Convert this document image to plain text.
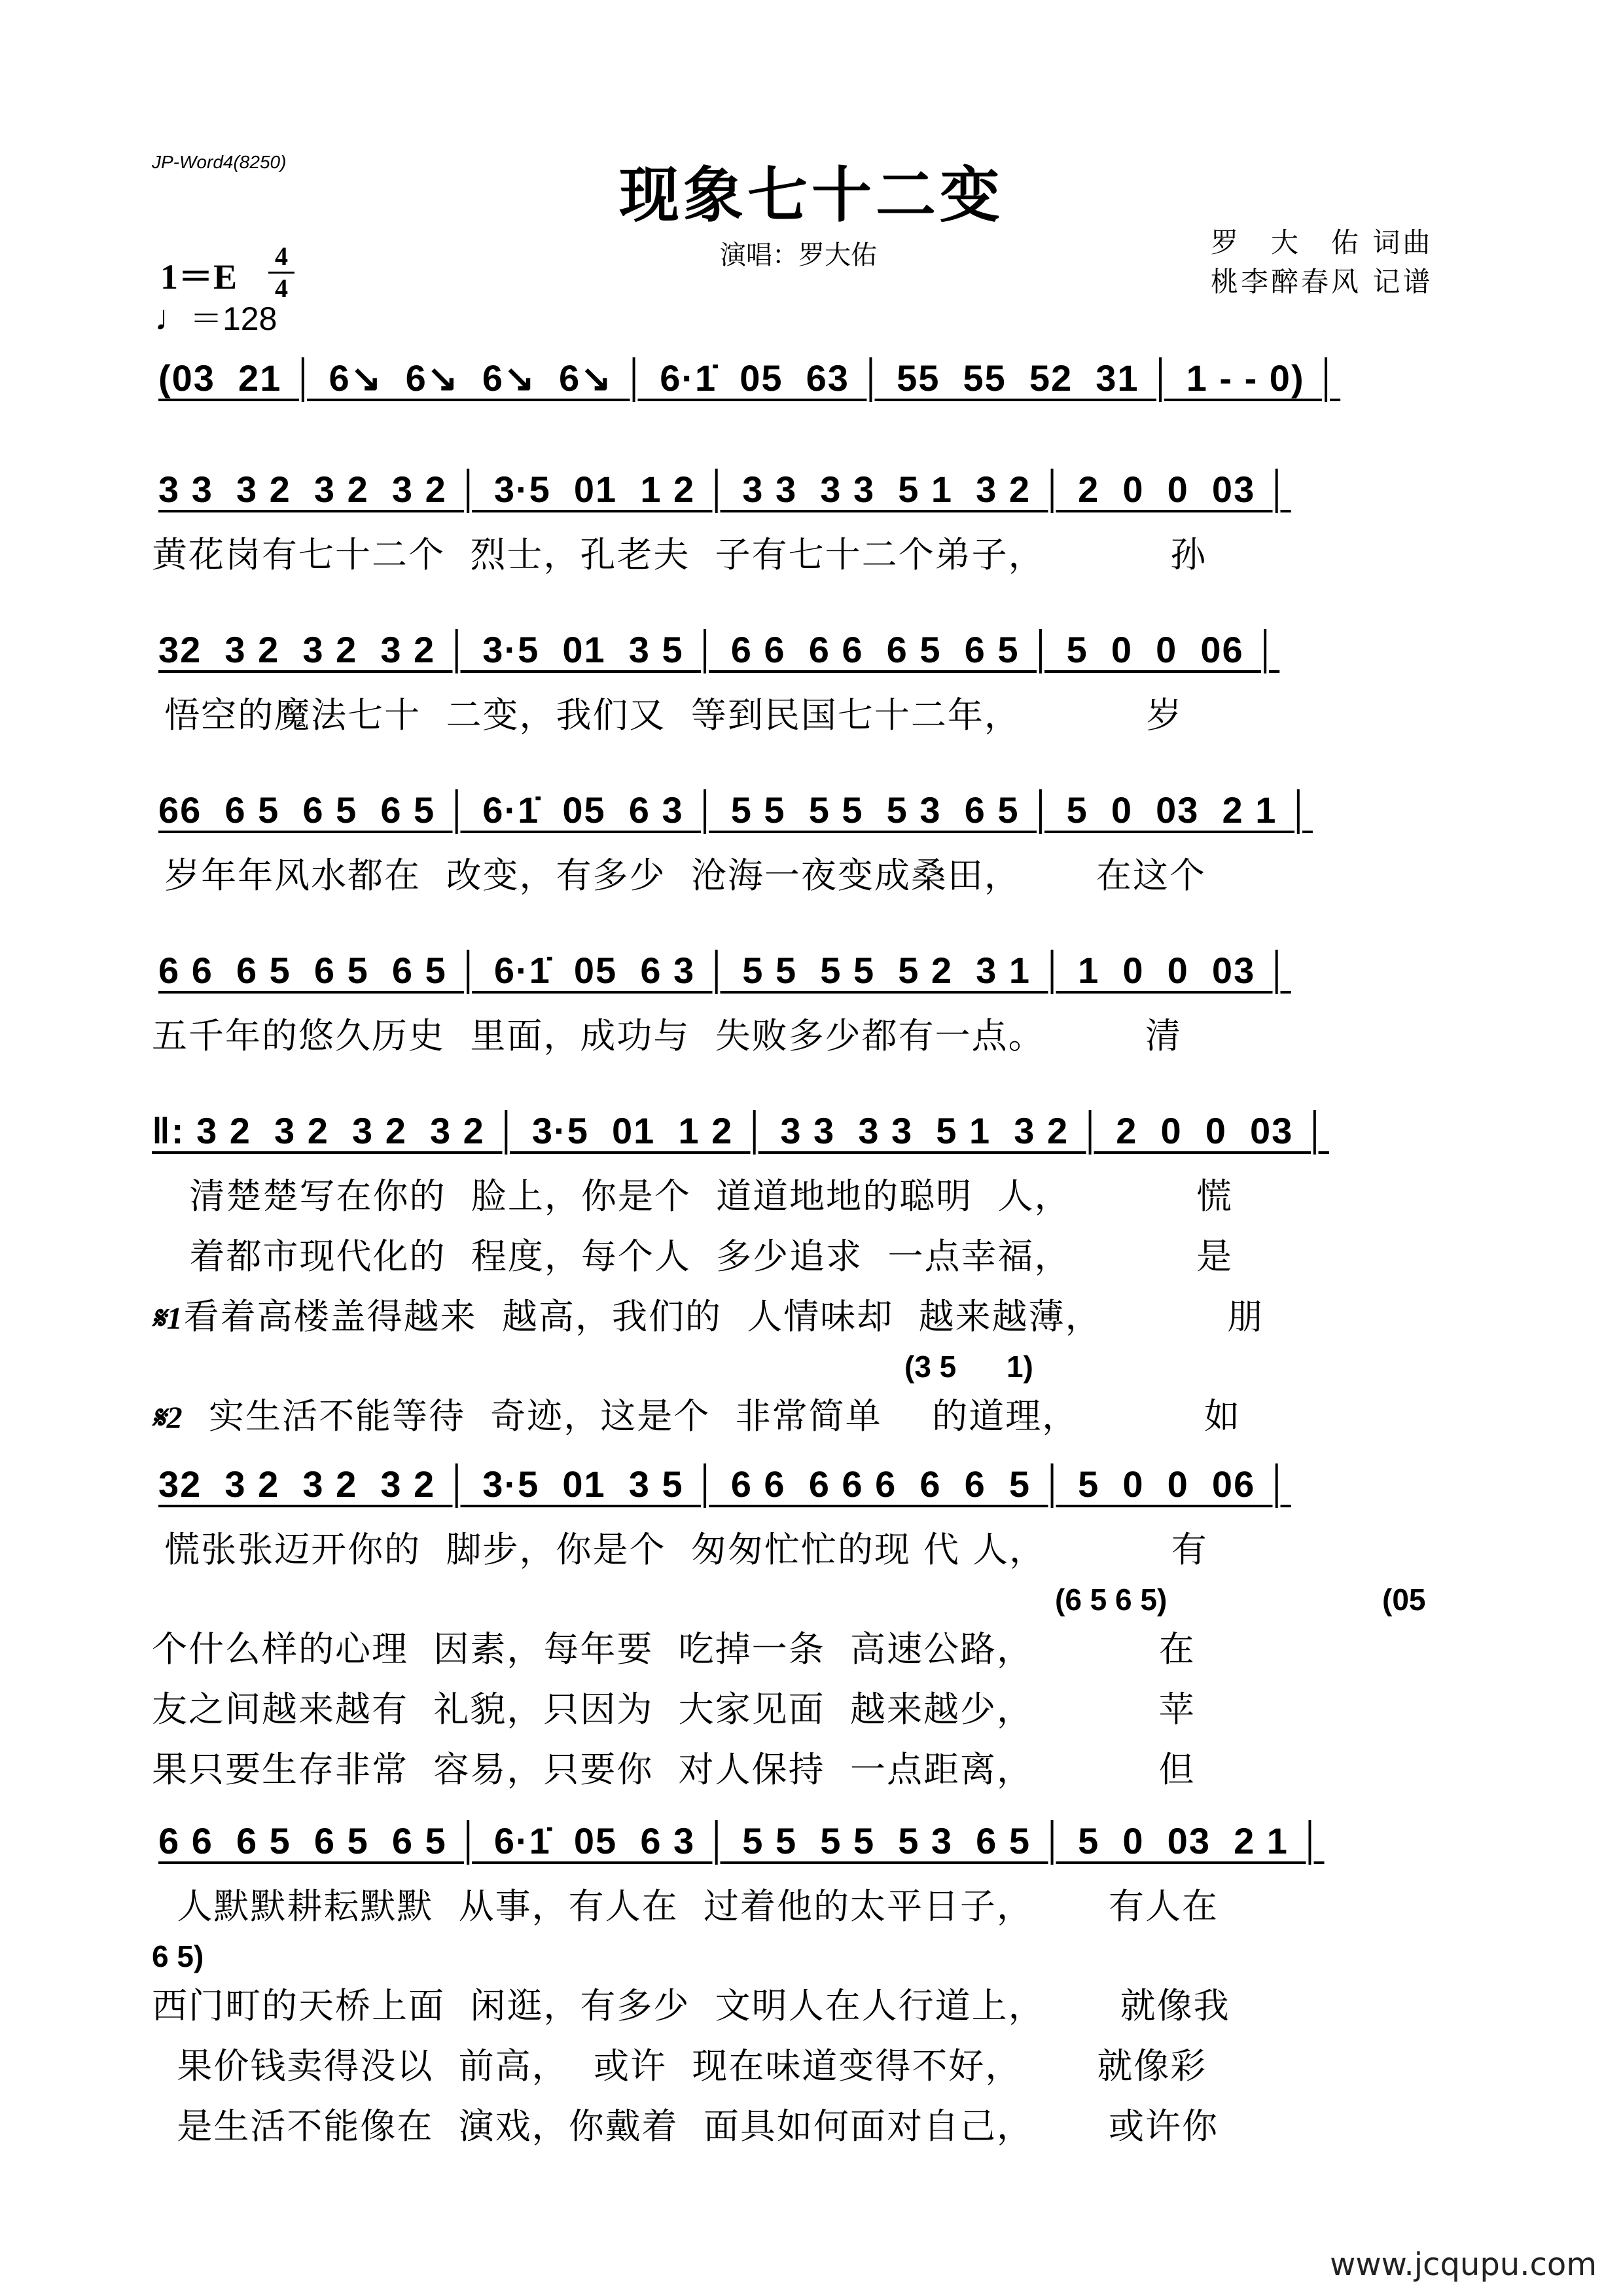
JP-Word4(8250)	现象七十二变
演唱：罗大佑	罗　大　佑 词曲
桃李醉春风 记谱
1＝E
4
4
♩＝128
(03  21 │ 6↘  6↘  6↘  6↘ │ 6·1̇  05  63 │ 55  55  52  31 │ 1 - - 0) │
3 3  3 2  3 2  3 2 │ 3·5  01  1 2 │ 3 3  3 3  5 1  3 2 │ 2  0  0  03 │
黄花岗有七十二个  烈士，孔老夫  子有七十二个弟子，          孙
32  3 2  3 2  3 2 │ 3·5  01  3 5 │ 6 6  6 6  6 5  6 5 │ 5  0  0  06 │
悟空的魔法七十  二变，我们又  等到民国七十二年，          岁
66  6 5  6 5  6 5 │ 6·1̇  05  6 3 │ 5 5  5 5  5 3  6 5 │ 5  0  03  2 1 │
岁年年风水都在  改变，有多少  沧海一夜变成桑田，      在这个
6 6  6 5  6 5  6 5 │ 6·1̇  05  6 3 │ 5 5  5 5  5 2  3 1 │ 1  0  0  03 │
五千年的悠久历史  里面，成功与  失败多少都有一点。        清
‖: 3 2  3 2  3 2  3 2 │ 3·5  01  1 2 │ 3 3  3 3  5 1  3 2 │ 2  0  0  03 │
清楚楚写在你的  脸上，你是个  道道地地的聪明  人，          慌
着都市现代化的  程度，每个人  多少追求  一点幸福，          是
𝄋1看着高楼盖得越来  越高，我们的  人情味却  越来越薄，          朋
(3 5      1)
𝄋2  实生活不能等待  奇迹，这是个  非常简单    的道理，          如
32  3 2  3 2  3 2 │ 3·5  01  3 5 │ 6 6  6 6 6  6  6  5 │ 5  0  0  06 │
慌张张迈开你的  脚步，你是个  匆匆忙忙的现 代 人，          有
(6 5 6 5)	(05
个什么样的心理  因素，每年要  吃掉一条  高速公路，          在
友之间越来越有  礼貌，只因为  大家见面  越来越少，          苹
果只要生存非常  容易，只要你  对人保持  一点距离，          但
6 6  6 5  6 5  6 5 │ 6·1̇  05  6 3 │ 5 5  5 5  5 3  6 5 │ 5  0  03  2 1 │
人默默耕耘默默  从事，有人在  过着他的太平日子，      有人在
6 5)
西门町的天桥上面  闲逛，有多少  文明人在人行道上，      就像我
果价钱卖得没以  前高，  或许  现在味道变得不好，      就像彩
是生活不能像在  演戏，你戴着  面具如何面对自己，      或许你
www.jcqupu.com
